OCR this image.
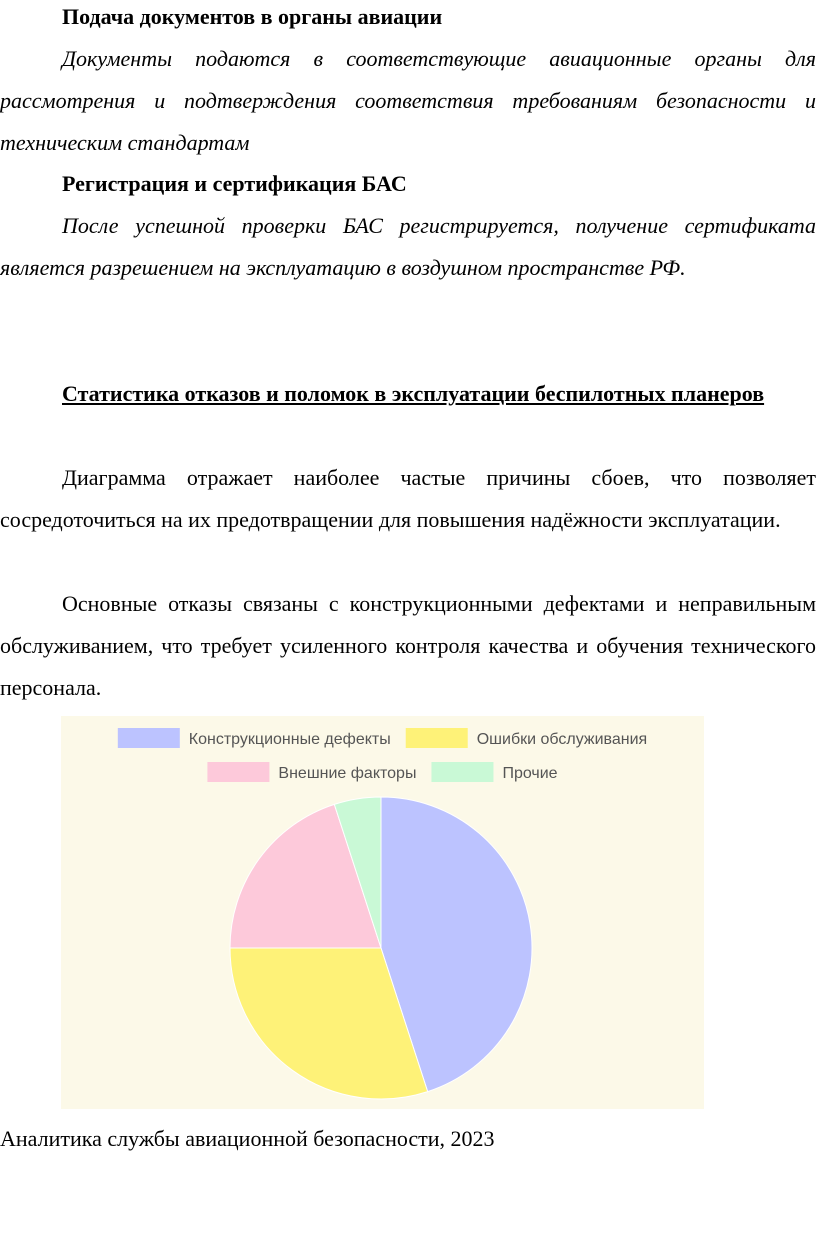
Подача документов в органы авиации

Документы подаются в соответствующие авиационные органы для рассмотрения и подтверждения соответствия требованиям безопасности и техническим стандартам

Регистрация и сертификация БАС

После успешной проверки БАС регистрируется, получение сертификата является разрешением на эксплуатацию в воздушном пространстве РФ.

Статистика отказов и поломок в эксплуатации беспилотных планеров

Диаграмма отражает наиболее частые причины сбоев, что позволяет сосредоточиться на их предотвращении для повышения надёжности эксплуатации.

Основные отказы связаны с конструкционными дефектами и неправильным обслуживанием, что требует усиленного контроля качества и обучения технического персонала.

Конструкционные дефекты	Ошибки обслуживания
Внешние факторы	Прочие

Аналитика службы авиационной безопасности, 2023
